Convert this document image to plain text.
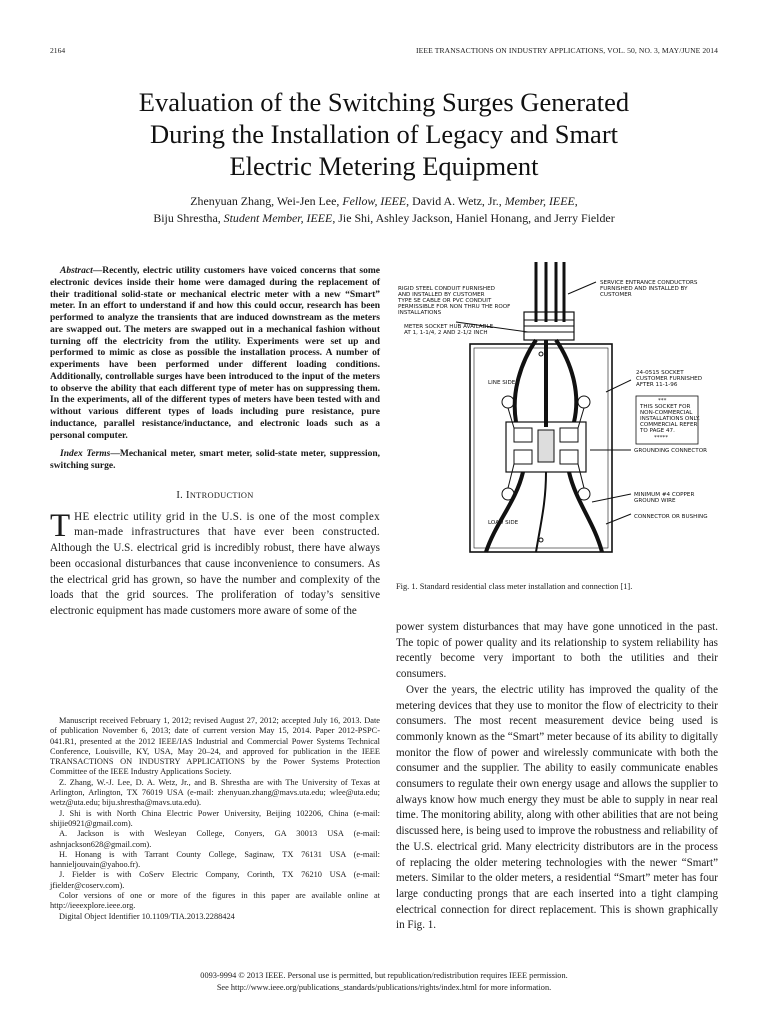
2164	IEEE TRANSACTIONS ON INDUSTRY APPLICATIONS, VOL. 50, NO. 3, MAY/JUNE 2014
Evaluation of the Switching Surges Generated
During the Installation of Legacy and Smart
Electric Metering Equipment
Zhenyuan Zhang, Wei-Jen Lee, Fellow, IEEE, David A. Wetz, Jr., Member, IEEE,
Biju Shrestha, Student Member, IEEE, Jie Shi, Ashley Jackson, Haniel Honang, and Jerry Fielder

Abstract—Recently, electric utility customers have voiced concerns that some electronic devices inside their home were damaged during the replacement of their traditional solid-state or mechanical electric meter with a new “Smart” meter. In an effort to understand if and how this could occur, research has been performed to analyze the transients that are induced downstream as the meters are swapped out. The meters are swapped out in a mechanical fashion without turning off the electricity from the utility. Experiments were set up and performed to mimic as close as possible the installation process. A number of experiments have been performed under different loading conditions. Additionally, controllable surges have been introduced to the input of the meters to observe the ability that each different type of meter has on suppressing them. In the experiments, all of the different types of meters have been tested with and without various different types of loads including pure resistance, pure inductance, parallel resistance/inductance, and electronic loads such as a personal computer.

Index Terms—Mechanical meter, smart meter, solid-state meter, suppression, switching surge.

I. INTRODUCTION

THE electric utility grid in the U.S. is one of the most complex man-made infrastructures that have ever been constructed. Although the U.S. electrical grid is incredibly robust, there have always been occasional disturbances that cause inconvenience to consumers. As the electrical grid has grown, so have the number and complexity of the loads that the grid sources. The proliferation of today’s sensitive electronic equipment has made customers more aware of some of the

Manuscript received February 1, 2012; revised August 27, 2012; accepted July 16, 2013. Date of publication November 6, 2013; date of current version May 15, 2014. Paper 2012-PSPC-041.R1, presented at the 2012 IEEE/IAS Industrial and Commercial Power Systems Technical Conference, Louisville, KY, USA, May 20–24, and approved for publication in the IEEE TRANSACTIONS ON INDUSTRY APPLICATIONS by the Power Systems Protection Committee of the IEEE Industry Applications Society.

Z. Zhang, W.-J. Lee, D. A. Wetz, Jr., and B. Shrestha are with The University of Texas at Arlington, Arlington, TX 76019 USA (e-mail: zhenyuan.zhang@mavs.uta.edu; wlee@uta.edu; wetz@uta.edu; biju.shrestha@mavs.uta.edu).

J. Shi is with North China Electric Power University, Beijing 102206, China (e-mail: shijie0921@gmail.com).

A. Jackson is with Wesleyan College, Conyers, GA 30013 USA (e-mail: ashnjackson628@gmail.com).

H. Honang is with Tarrant County College, Saginaw, TX 76131 USA (e-mail: hannieljouvain@yahoo.fr).

J. Fielder is with CoServ Electric Company, Corinth, TX 76210 USA (e-mail: jfielder@coserv.com).

Color versions of one or more of the figures in this paper are available online at http://ieeexplore.ieee.org.

Digital Object Identifier 10.1109/TIA.2013.2288424

RIGID STEEL CONDUIT FURNISHED
AND INSTALLED BY CUSTOMER
TYPE SE CABLE OR PVC CONDUIT
PERMISSIBLE FOR NON THRU THE ROOF
INSTALLATIONS
METER SOCKET HUB AVAILABLE
AT 1, 1-1/4, 2 AND 2-1/2 INCH
SERVICE ENTRANCE CONDUCTORS
FURNISHED AND INSTALLED BY
CUSTOMER
24-0515 SOCKET
CUSTOMER FURNISHED
AFTER 11-1-96
***
THIS SOCKET FOR
NON-COMMERCIAL
INSTALLATIONS ONLY.
COMMERCIAL REFER
TO PAGE 47.
*****
LINE SIDE
LOAD SIDE
GROUNDING CONNECTOR
MINIMUM #4 COPPER
GROUND WIRE
CONNECTOR OR BUSHING
NEUTRAL
Fig. 1. Standard residential class meter installation and connection [1].

power system disturbances that may have gone unnoticed in the past. The topic of power quality and its relationship to system reliability has recently become very important to both the utilities and their consumers.

Over the years, the electric utility has improved the quality of the metering devices that they use to monitor the flow of electricity to their consumers. The most recent measurement device being used is commonly known as the “Smart” meter because of its ability to digitally monitor the flow of power and wirelessly communicate with both the consumer and the supplier. The ability to easily communicate enables consumers to regulate their own energy usage and allows the supplier to always know how much energy they must be able to supply in near real time. The monitoring ability, along with other abilities that are not being discussed here, is being used to improve the robustness and reliability of the U.S. electrical grid. Many electricity distributors are in the process of replacing the older metering technologies with the newer “Smart” meters. Similar to the older meters, a residential “Smart” meter has four large conducting prongs that are each inserted into a tight clamping electrical connection for direct replacement. This is shown graphically in Fig. 1.

0093-9994 © 2013 IEEE. Personal use is permitted, but republication/redistribution requires IEEE permission.
See http://www.ieee.org/publications_standards/publications/rights/index.html for more information.
